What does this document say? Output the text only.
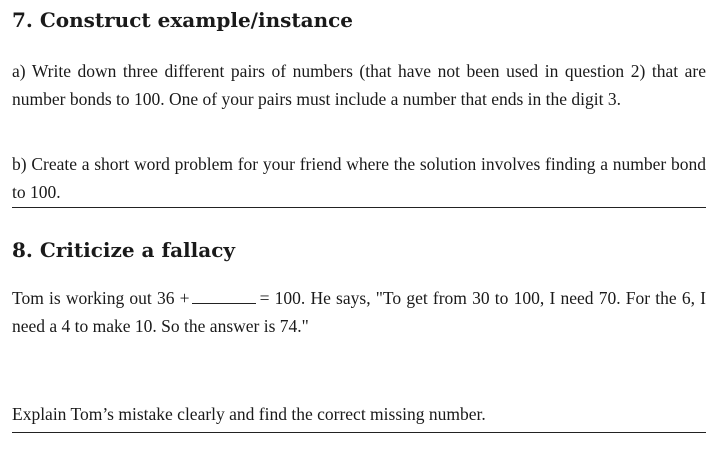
7. Construct example/instance

a) Write down three different pairs of numbers (that have not been used in question 2) that are number bonds to 100. One of your pairs must include a number that ends in the digit 3.

b) Create a short word problem for your friend where the solution involves finding a number bond to 100.

8. Criticize a fallacy

Tom is working out 36 +	= 100. He says, "To get from 30 to 100, I need 70. For the 6, I need a 4 to make 10. So the answer is 74."

Explain Tom’s mistake clearly and find the correct missing number.
